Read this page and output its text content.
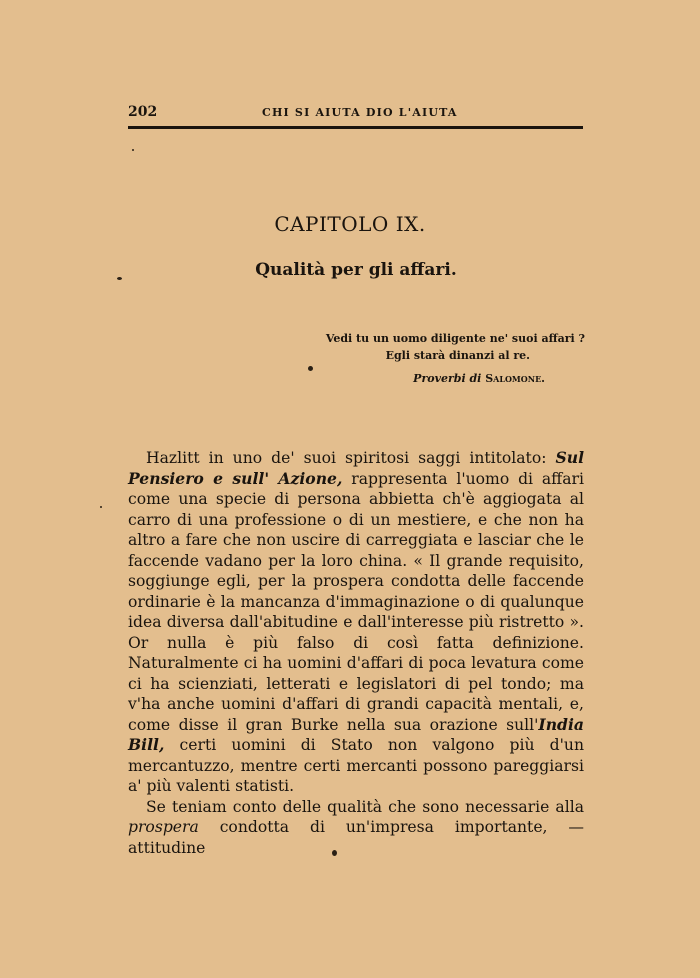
202	CHI SI AIUTA DIO L'AIUTA
CAPITOLO IX.
Qualità per gli affari.
Vedi tu un uomo diligente ne' suoi affari ?
Egli starà dinanzi al re.
Proverbi di Salomone.

Hazlitt in uno de' suoi spiritosi saggi intitolato: Sul Pensiero e sull' Azione, rappresenta l'uomo di affari come una specie di persona abbietta ch'è aggiogata al carro di una professione o di un mestiere, e che non ha altro a fare che non uscire di carreggiata e lasciar che le faccende vadano per la loro china. « Il grande requisito, soggiunge egli, per la prospera condotta delle faccende ordinarie è la mancanza d'immaginazione o di qualunque idea diversa dall'abitudine e dall'interesse più ristretto ». Or nulla è più falso di così fatta definizione. Naturalmente ci ha uomini d'affari di poca levatura come ci ha scienziati, letterati e legislatori di pel tondo; ma v'ha anche uomini d'affari di grandi capacità mentali, e, come disse il gran Burke nella sua orazione sull'India Bill, certi uomini di Stato non valgono più d'un mercantuzzo, mentre certi mercanti possono pareggiarsi a' più valenti statisti.

Se teniam conto delle qualità che sono necessarie alla prospera condotta di un'impresa importante, — attitudine
